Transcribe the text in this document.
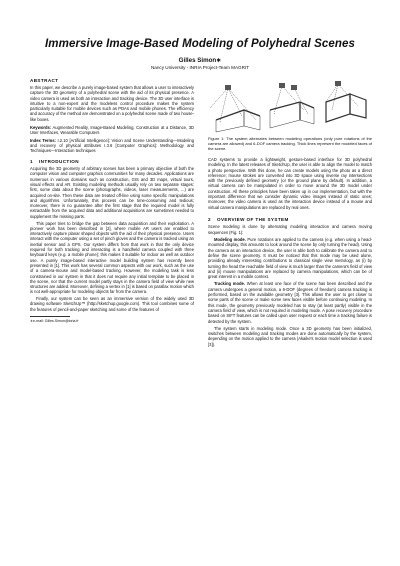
Immersive Image-Based Modeling of Polyhedral Scenes
Gilles Simon∗
Nancy University - INRIA Project-Team MAGRIT
ABSTRACT

In this paper, we describe a purely image-based system that allows a user to interactively capture the 3D geometry of a polyhedral scene with the aid of its physical presence. A video camera is used as both an interaction and tracking device. The 3D user interface is intuitive to a non-expert and the modeless control procedure makes the system particularly suitable for mobile devices such as PDAs and mobile phones. The efficiency and accuracy of the method are demonstrated on a polyhedral scene made of two house-like boxes.

Keywords: Augmented Reality, Image-Based Modeling, Construction at a Distance, 3D User Interfaces, Wearable Computers

Index Terms: I.2.10 [Artificial Intelligence]: Vision and Scene Understanding—Modeling and recovery of physical attributes I.3.6 [Computer Graphics]: Methodology and Techniques—Interaction techniques

1 INTRODUCTION

Acquiring the 3D geometry of arbitrary scenes has been a primary objective of both the computer vision and computer graphics communities for many decades. Applications are numerous in various domains such as construction, GIS and 3D maps, virtual tours, visual effects and AR. Existing modeling methods usually rely on two separate stages: first, some data about the scene (photographs, videos, laser measurements, ...) are acquired on-site. Then these data are treated off-line using some specific manipulations and algorithms. Unfortunately, this process can be time-consuming and tedious; moreover, there is no guarantee after the first stage that the required model is fully extractable from the acquired data and additional acquisitions are sometimes needed to supplement the missing parts.

This paper tries to bridge the gap between data acquisition and their exploitation. A pioneer work has been described in [2], where mobile AR users are enabled to interactively capture planar shaped objects with the aid of their physical presence. Users interact with the computer using a set of pinch gloves and the camera is tracked using an inertial sensor and a GPS. Our system differs from that work in that the only device required for both tracking and interacting is a handheld camera coupled with three keyboard keys (e.g. a mobile phone); this makes it suitable for indoor as well as outdoor use. A purely image-based interactive model building system has recently been presented in [1]. This work has several common aspects with our work, such as the use of a camera-mouse and model-based tracking. However, the modeling task is less constrained in our system in that it does not require any initial template to be placed in the scene, nor that the current model partly stays in the camera field of view while new structures are added. Moreover, defining a vertex in [1] is based on parallax motion which is not well-appropriate for modeling objects far from the camera.

Finally, our system can be seen as an immersive version of the widely used 3D drawing software SketchUp™ (http://sketchup.google.com). This tool combines some of the features of pencil-and-paper sketching and some of the features of

∗e-mail: Gilles.Simon@loria.fr
Figure 1: The system alternates between modeling operations (only pure rotations of the camera are allowed) and 6-DOF camera tracking. Thick lines represent the modeled faces of the scene.

CAD systems to provide a lightweight, gesture-based interface for 3D polyhedral modeling. In the latest releases of SketchUp, the user is able to align the model to match a photo perspective. With this done, he can create models using the photo as a direct reference; mouse strokes are converted into 3D space using inverse ray intersections with the previously defined geometry (or the ground plane by default). In addition, a virtual camera can be manipulated in order to move around the 3D model under construction. All these principles have been taken up in our implementation, but with the important difference that we consider dynamic video images instead of static ones; moreover, the video camera is used as the interaction device instead of a mouse and virtual camera manipulations are replaced by real ones.

2 OVERVIEW OF THE SYSTEM

Scene modeling is done by alternating modeling interaction and camera moving sequences (Fig. 1):

Modeling mode. Pure rotations are applied to the camera (e.g. when using a head-mounted display, this amounts to look around the scene by only turning the head). Using the camera as an interaction device, the user is able both to calibrate the camera and to define the scene geometry. It must be noticed that this mode may be used alone, providing already interesting contributions to classical single view metrology, as (i) by turning the head the reachable field of view is much larger than the camera's field of view and (ii) mouse manipulations are replaced by camera manipulations, which can be of great interest in a mobile context.

Tracking mode. When at least one face of the scene has been described and the camera undergoes a general motion, a 6-DOF (degrees of freedom) camera tracking is performed, based on the available geometry [3]. This allows the user to get closer to some parts of the scene or make some new faces visible before continuing modeling. In this mode, the geometry previously modeled has to stay (at least partly) visible in the camera field of view, which is not required in modeling mode. A pose recovery procedure based on SIFT features can be called upon user request or each time a tracking failure is detected by the system.

The system starts in modeling mode. Once a 3D geometry has been initialized, switches between modeling and tracking modes are done automatically by the system, depending on the motion applied to the camera (Akaike's motion model selection is used [3]).
